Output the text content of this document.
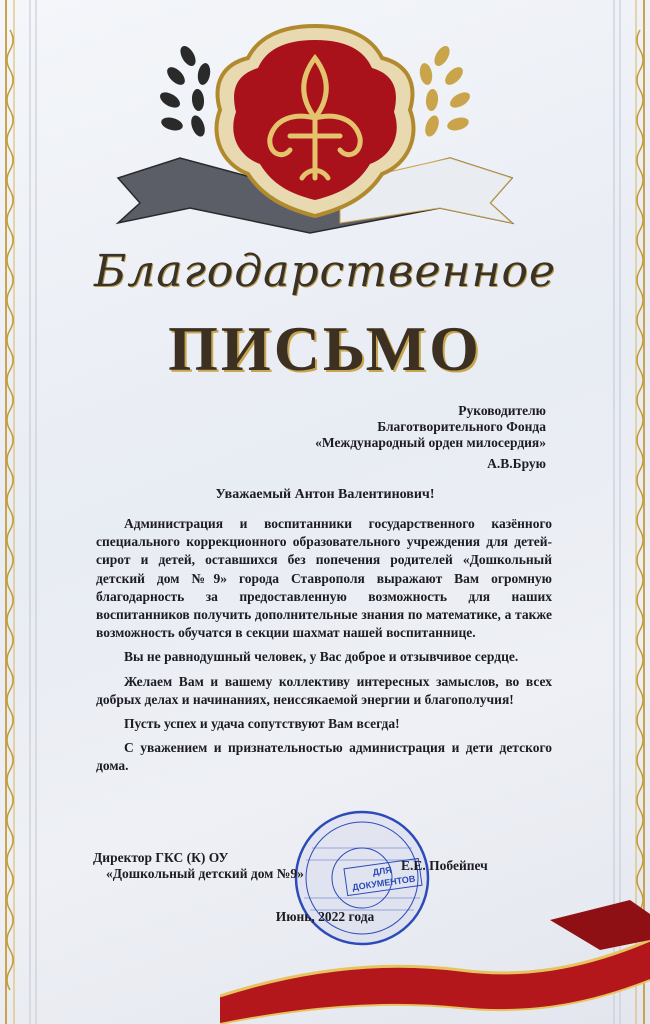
Благодарственное
ПИСЬМО
Руководителю
Благотворительного Фонда
«Международный орден милосердия»
А.В.Брую
Уважаемый Антон Валентинович!

Администрация и воспитанники государственного казённого специального коррекционного образовательного учреждения для детей-сирот и детей, оставшихся без попечения родителей «Дошкольный детский дом №9» города Ставрополя выражают Вам огромную благодарность за предоставленную возможность для наших воспитанников получить дополнительные знания по математике, а также возможность обучатся в секции шахмат нашей воспитаннице.

Вы не равнодушный человек, у Вас доброе и отзывчивое сердце.

Желаем Вам и вашему коллективу интересных замыслов, во всех добрых делах и начинаниях, неиссякаемой энергии и благополучия!

Пусть успех и удача сопутствуют Вам всегда!

С уважением и признательностью администрация и дети детского дома.

ДЛЯ ДОКУМЕНТОВ
Директор ГКС (К) ОУ
«Дошкольный детский дом №9»
Е.Е. Побейпеч
Июнь, 2022 года
